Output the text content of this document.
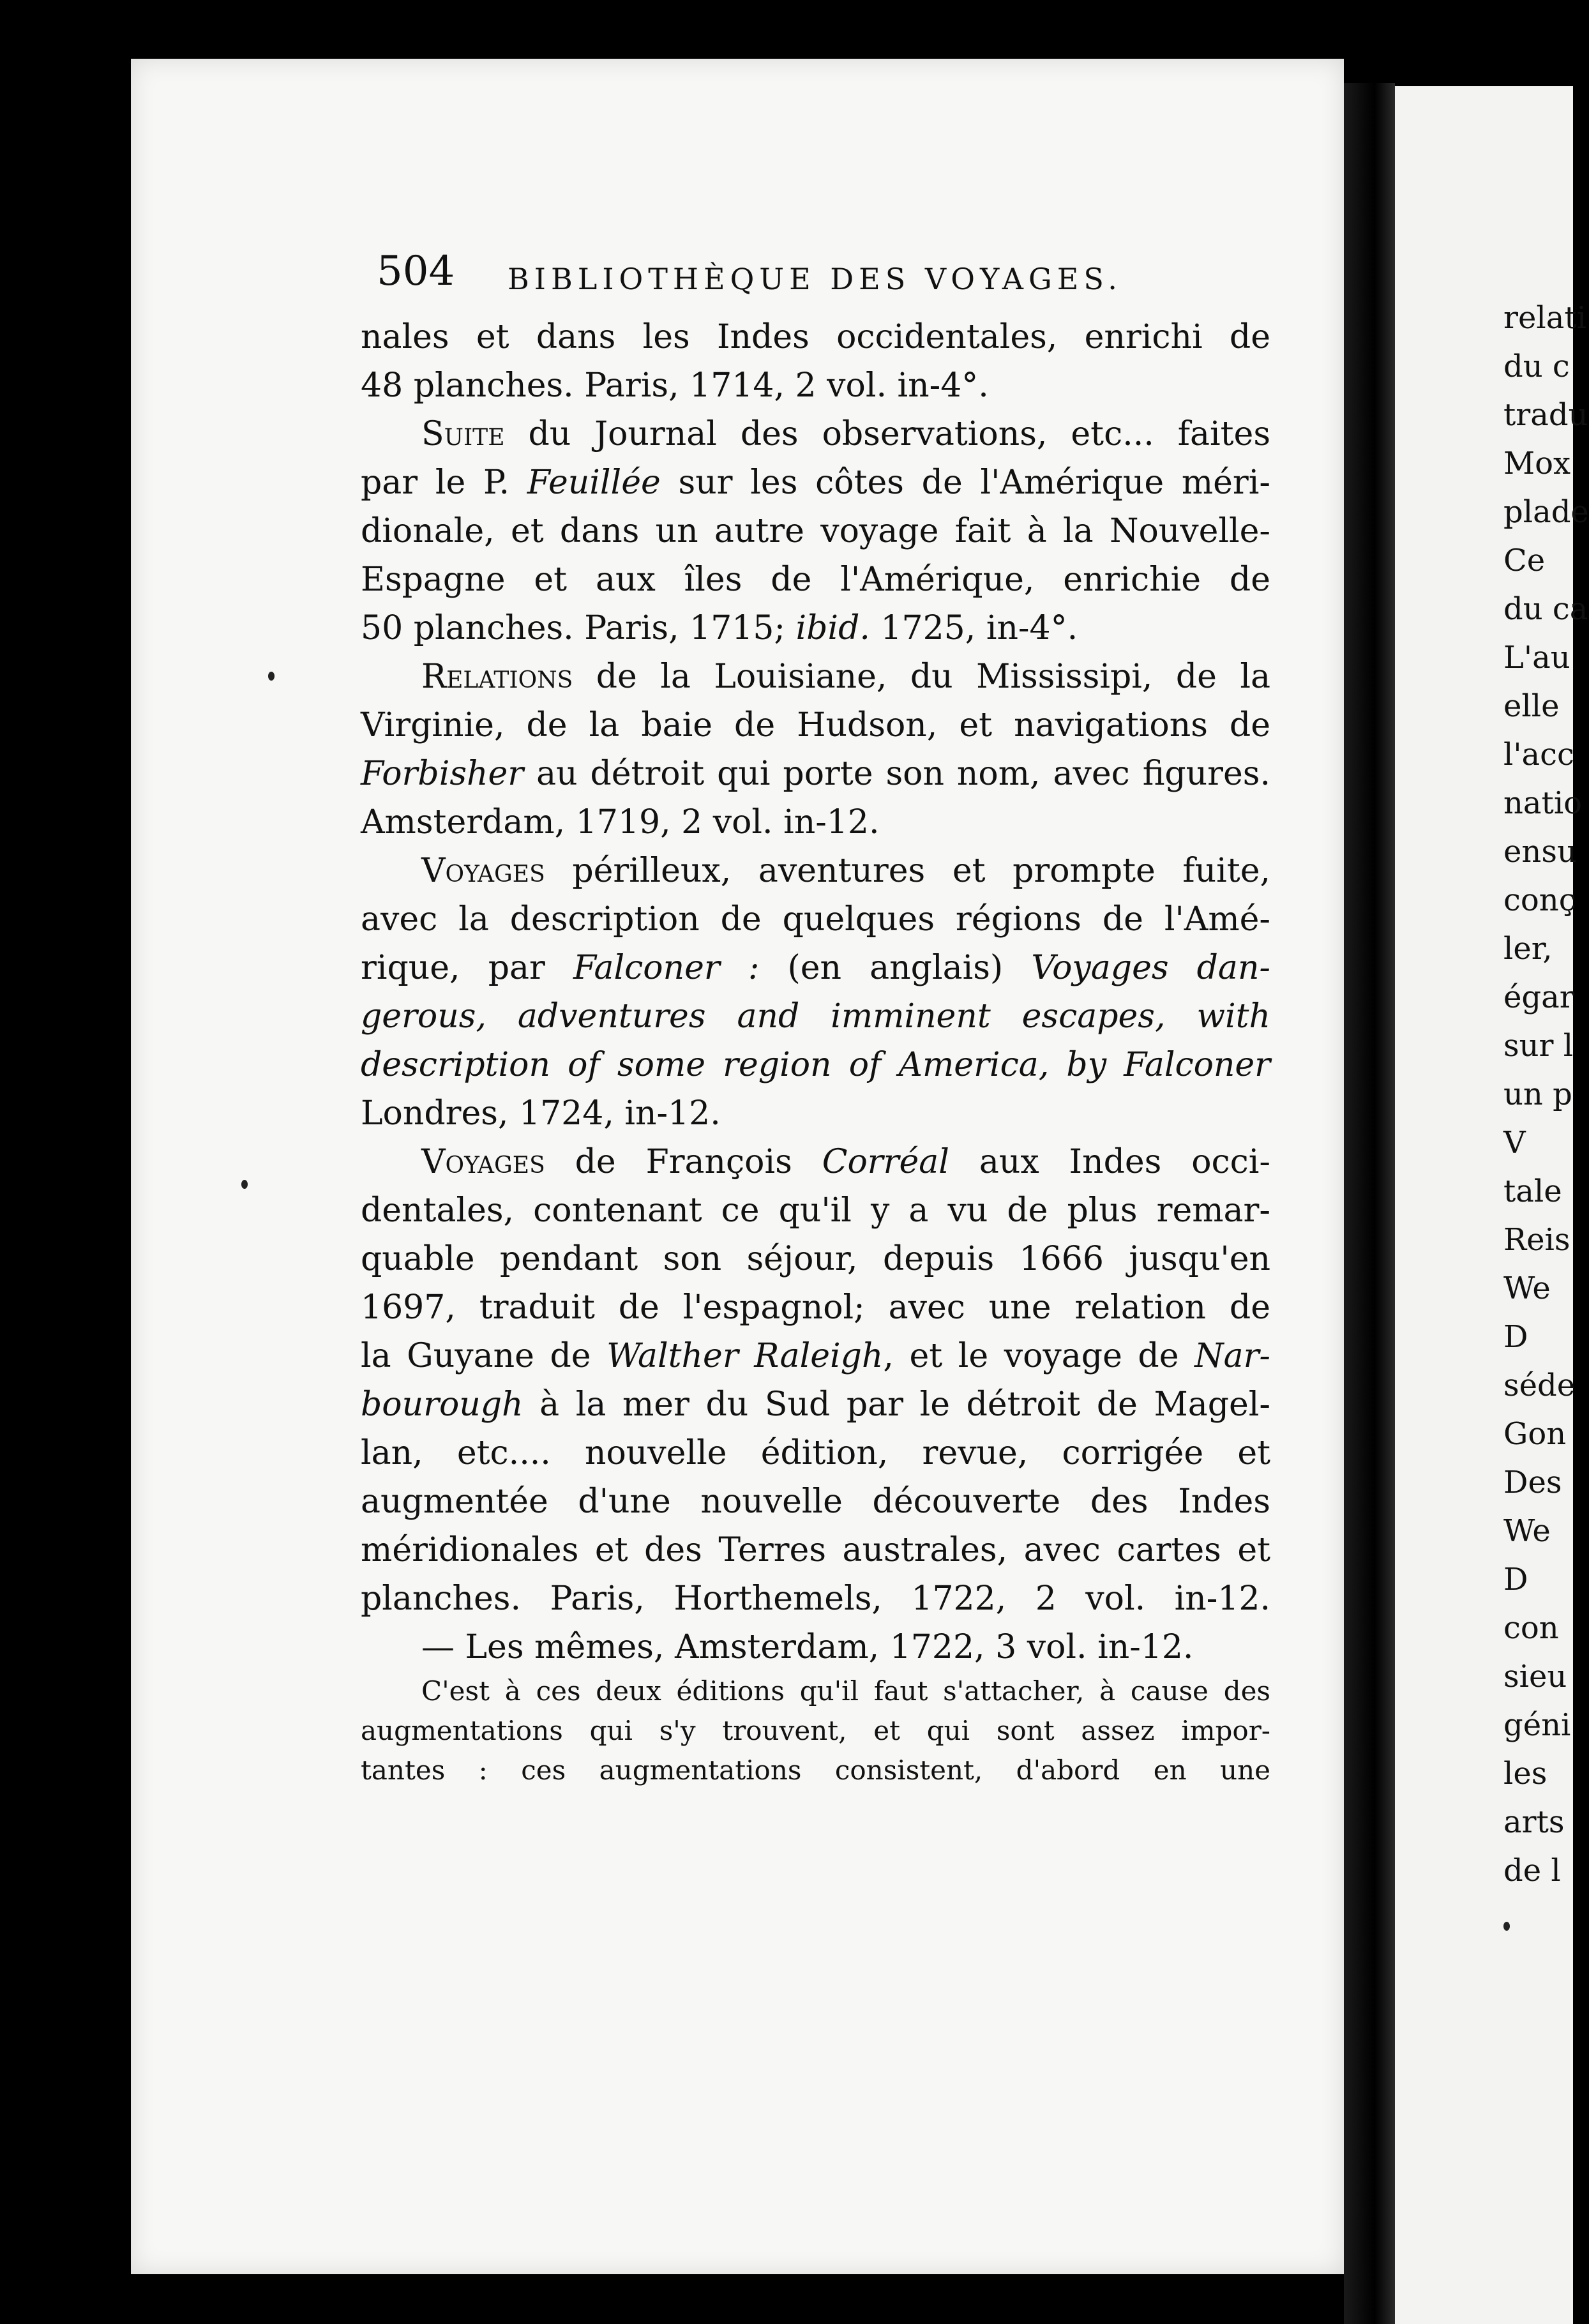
504 BIBLIOTHÈQUE DES VOYAGES.
nales et dans les Indes occidentales, enrichi de
48 planches. Paris, 1714, 2 vol. in-4°.
Suite du Journal des observations, etc... faites
par le P. Feuillée sur les côtes de l'Amérique méri-
dionale, et dans un autre voyage fait à la Nouvelle-
Espagne et aux îles de l'Amérique, enrichie de
50 planches. Paris, 1715; ibid. 1725, in-4°.
Relations de la Louisiane, du Mississipi, de la
Virginie, de la baie de Hudson, et navigations de
Forbisher au détroit qui porte son nom, avec figures.
Amsterdam, 1719, 2 vol. in-12.
Voyages périlleux, aventures et prompte fuite,
avec la description de quelques régions de l'Amé-
rique, par Falconer : (en anglais) Voyages dan-
gerous, adventures and imminent escapes, with
description of some region of America, by Falconer
Londres, 1724, in-12.
Voyages de François Corréal aux Indes occi-
dentales, contenant ce qu'il y a vu de plus remar-
quable pendant son séjour, depuis 1666 jusqu'en
1697, traduit de l'espagnol; avec une relation de
la Guyane de Walther Raleigh, et le voyage de Nar-
bourough à la mer du Sud par le détroit de Magel-
lan, etc.... nouvelle édition, revue, corrigée et
augmentée d'une nouvelle découverte des Indes
méridionales et des Terres australes, avec cartes et
planches. Paris, Horthemels, 1722, 2 vol. in-12.
— Les mêmes, Amsterdam, 1722, 3 vol. in-12.
C'est à ces deux éditions qu'il faut s'attacher, à cause des
augmentations qui s'y trouvent, et qui sont assez impor-
tantes : ces augmentations consistent, d'abord en une
relati
du c
tradu
Mox
plade
Ce
du ca
L'au
elle
l'acc
natio
ensu
conç
ler,
égar
sur l
un p
V
tale
Reis
We
D
séde
Gon
Des
We
D
con
sieu
géni
les
arts
de l
